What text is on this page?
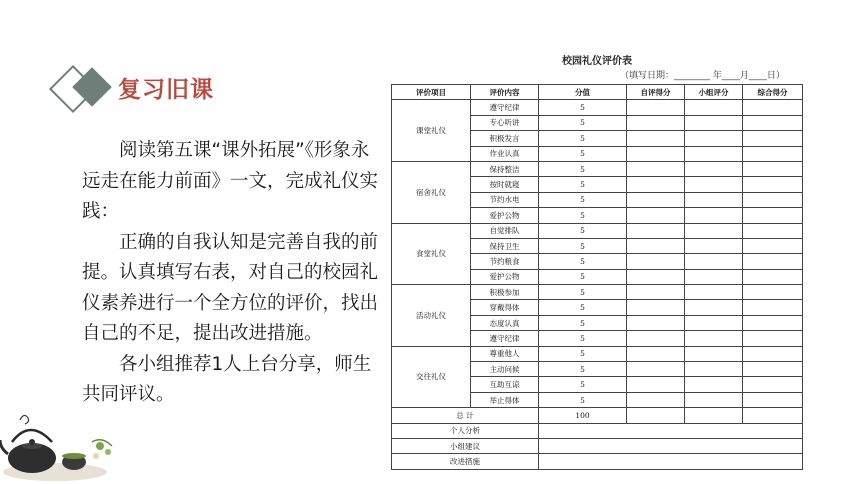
复习旧课

阅读第五课“课外拓展”《形象永远走在能力前面》一文，完成礼仪实践：

正确的自我认知是完善自我的前提。认真填写右表，对自己的校园礼仪素养进行一个全方位的评价，找出自己的不足，提出改进措施。

各小组推荐1人上台分享，师生共同评议。

校园礼仪评价表
（填写日期：________ 年____月____日）
评价项目	评价内容	分值	自评得分	小组评分	综合得分
课堂礼仪	遵守纪律	5			
	专心听讲	5			
	积极发言	5			
	作业认真	5			
宿舍礼仪	保持整洁	5			
	按时就寝	5			
	节约水电	5			
	爱护公物	5			
食堂礼仪	自觉排队	5			
	保持卫生	5			
	节约粮食	5			
	爱护公物	5			
活动礼仪	积极参加	5			
	穿戴得体	5			
	态度认真	5			
	遵守纪律	5			
交往礼仪	尊重他人	5			
	主动问候	5			
	互助互谅	5			
	举止得体	5			
总 计		100			
个人分析					
小组建议					
改进措施					
